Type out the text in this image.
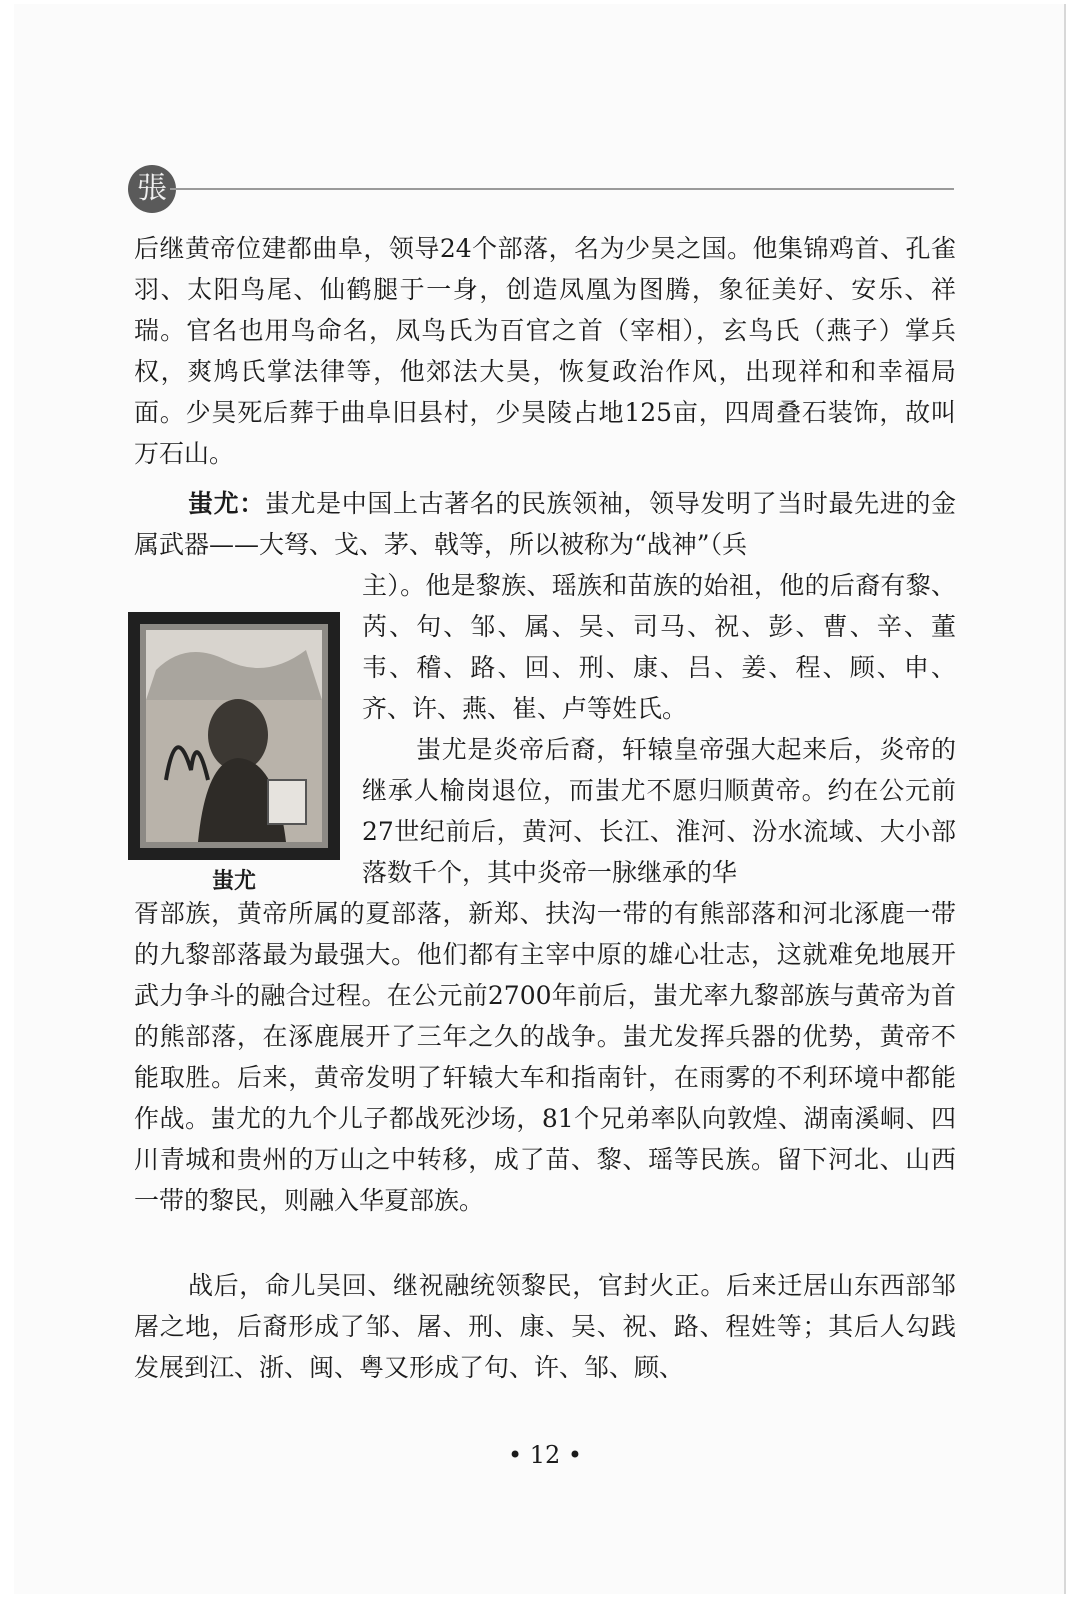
張

后继黄帝位建都曲阜，领导24个部落，名为少昊之国。他集锦鸡首、孔雀羽、太阳鸟尾、仙鹤腿于一身，创造凤凰为图腾，象征美好、安乐、祥瑞。官名也用鸟命名，凤鸟氏为百官之首（宰相），玄鸟氏（燕子）掌兵权，爽鸠氏掌法律等，他郊法大昊，恢复政治作风，出现祥和和幸福局面。少昊死后葬于曲阜旧县村，少昊陵占地125亩，四周叠石装饰，故叫万石山。

蚩尤：蚩尤是中国上古著名的民族领袖，领导发明了当时最先进的金属武器——大弩、戈、茅、戟等，所以被称为“战神”（兵

蚩尤

主）。他是黎族、瑶族和苗族的始祖，他的后裔有黎、芮、句、邹、属、吴、司马、祝、彭、曹、辛、董韦、稽、路、回、刑、康、吕、姜、程、顾、申、齐、许、燕、崔、卢等姓氏。

蚩尤是炎帝后裔，轩辕皇帝强大起来后，炎帝的继承人榆岗退位，而蚩尤不愿归顺黄帝。约在公元前27世纪前后，黄河、长江、淮河、汾水流域、大小部落数千个，其中炎帝一脉继承的华

胥部族，黄帝所属的夏部落，新郑、扶沟一带的有熊部落和河北涿鹿一带的九黎部落最为最强大。他们都有主宰中原的雄心壮志，这就难免地展开武力争斗的融合过程。在公元前2700年前后，蚩尤率九黎部族与黄帝为首的熊部落，在涿鹿展开了三年之久的战争。蚩尤发挥兵器的优势，黄帝不能取胜。后来，黄帝发明了轩辕大车和指南针，在雨雾的不利环境中都能作战。蚩尤的九个儿子都战死沙场，81个兄弟率队向敦煌、湖南溪峒、四川青城和贵州的万山之中转移，成了苗、黎、瑶等民族。留下河北、山西一带的黎民，则融入华夏部族。

战后，命儿吴回、继祝融统领黎民，官封火正。后来迁居山东西部邹屠之地，后裔形成了邹、屠、刑、康、吴、祝、路、程姓等；其后人勾践发展到江、浙、闽、粤又形成了句、许、邹、顾、

• 12 •
